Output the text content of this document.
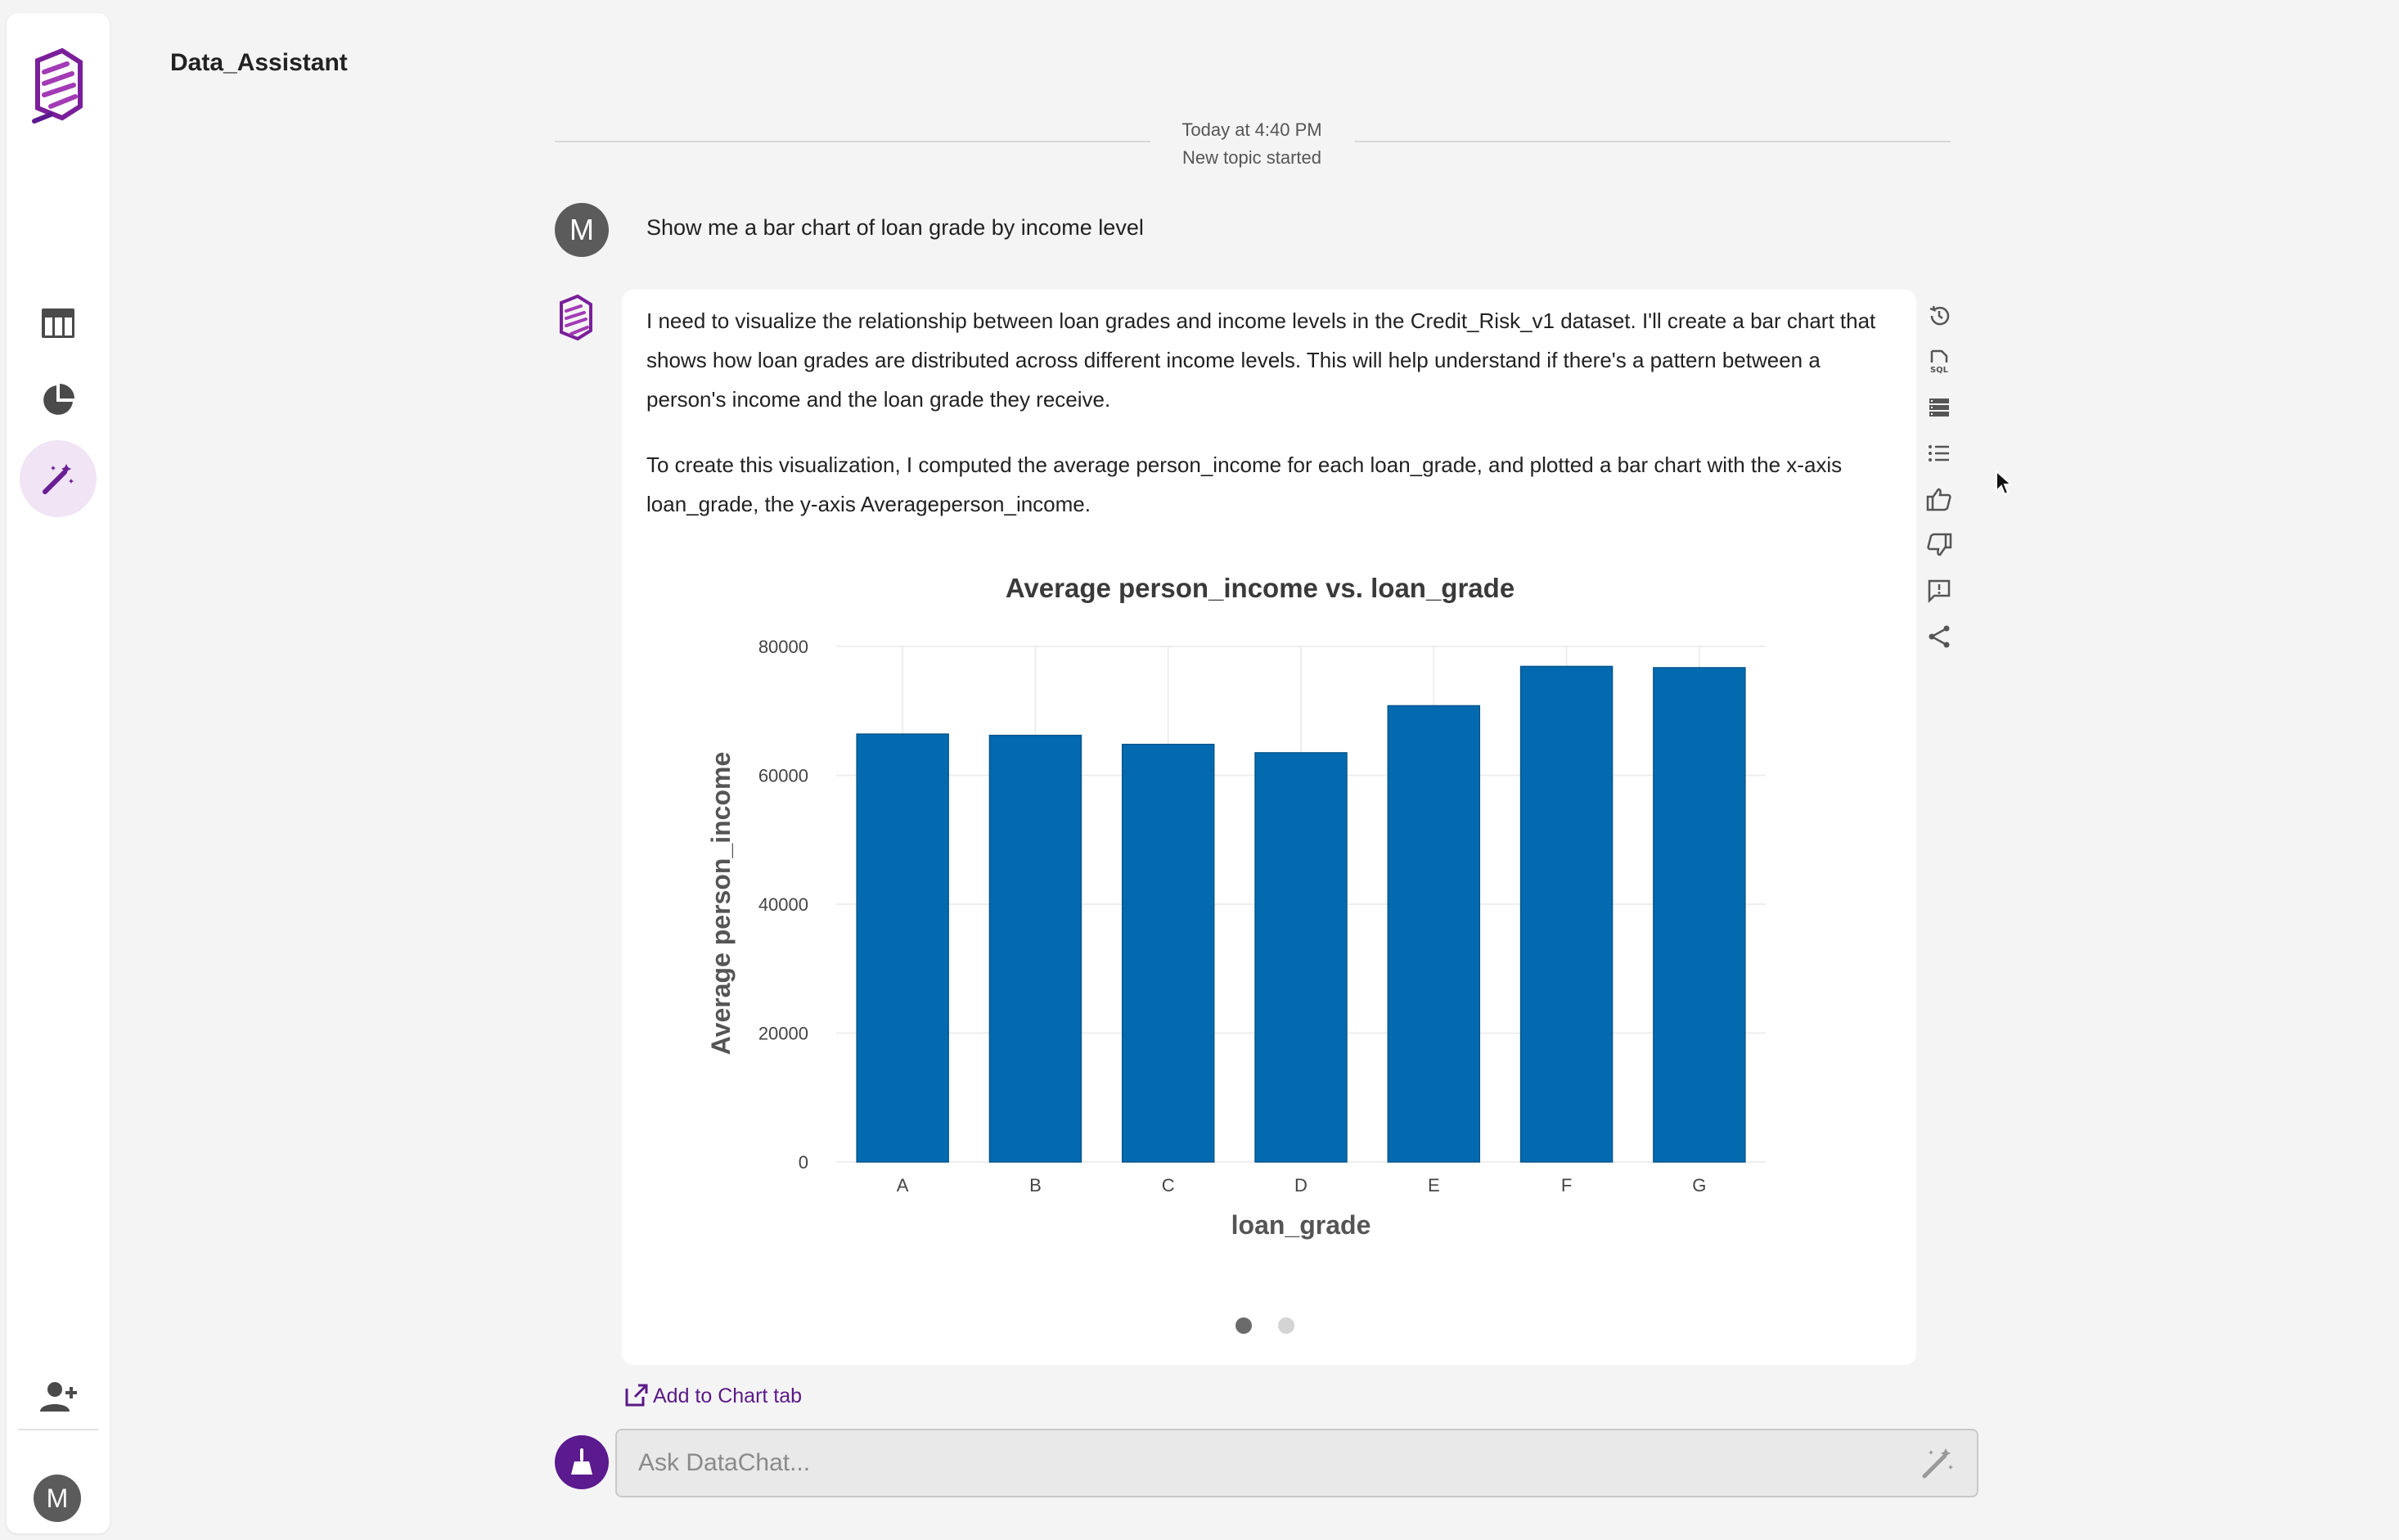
M
Data_Assistant
Today at 4:40 PM
New topic started
M	Show me a bar chart of loan grade by income level
I need to visualize the relationship between loan grades and income levels in the Credit_Risk_v1 dataset. I'll create a bar chart that shows how loan grades are distributed across different income levels. This will help understand if there's a pattern between a person's income and the loan grade they receive.
To create this visualization, I computed the average person_income for each loan_grade, and plotted a bar chart with the x-axis loan_grade, the y-axis Averageperson_income.
Average person_income vs. loan_grade
0
20000
40000
60000
80000
A	B	C	D	E	F	G
loan_grade
Average person_income
SQL
Add to Chart tab
Ask DataChat...
